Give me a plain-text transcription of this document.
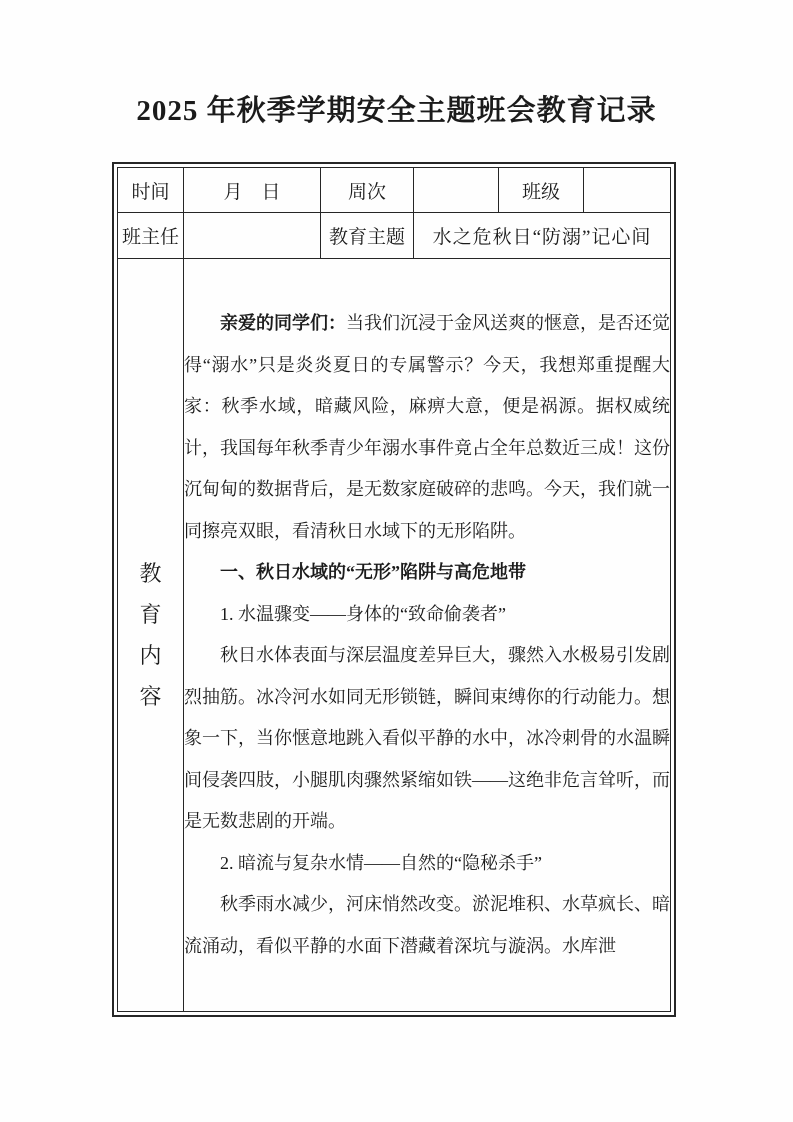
2025 年秋季学期安全主题班会教育记录
时间	月　日	周次		班级	
班主任		教育主题	水之危秋日“防溺”记心间		

教
育
内
容

亲爱的同学们：当我们沉浸于金风送爽的惬意，是否还觉得“溺水”只是炎炎夏日的专属警示？今天，我想郑重提醒大家：秋季水域，暗藏风险，麻痹大意，便是祸源。据权威统计，我国每年秋季青少年溺水事件竟占全年总数近三成！这份沉甸甸的数据背后，是无数家庭破碎的悲鸣。今天，我们就一同擦亮双眼，看清秋日水域下的无形陷阱。

一、秋日水域的“无形”陷阱与高危地带

1. 水温骤变——身体的“致命偷袭者”

秋日水体表面与深层温度差异巨大，骤然入水极易引发剧烈抽筋。冰冷河水如同无形锁链，瞬间束缚你的行动能力。想象一下，当你惬意地跳入看似平静的水中，冰冷刺骨的水温瞬间侵袭四肢，小腿肌肉骤然紧缩如铁——这绝非危言耸听，而是无数悲剧的开端。

2. 暗流与复杂水情——自然的“隐秘杀手”

秋季雨水减少，河床悄然改变。淤泥堆积、水草疯长、暗流涌动，看似平静的水面下潜藏着深坑与漩涡。水库泄
